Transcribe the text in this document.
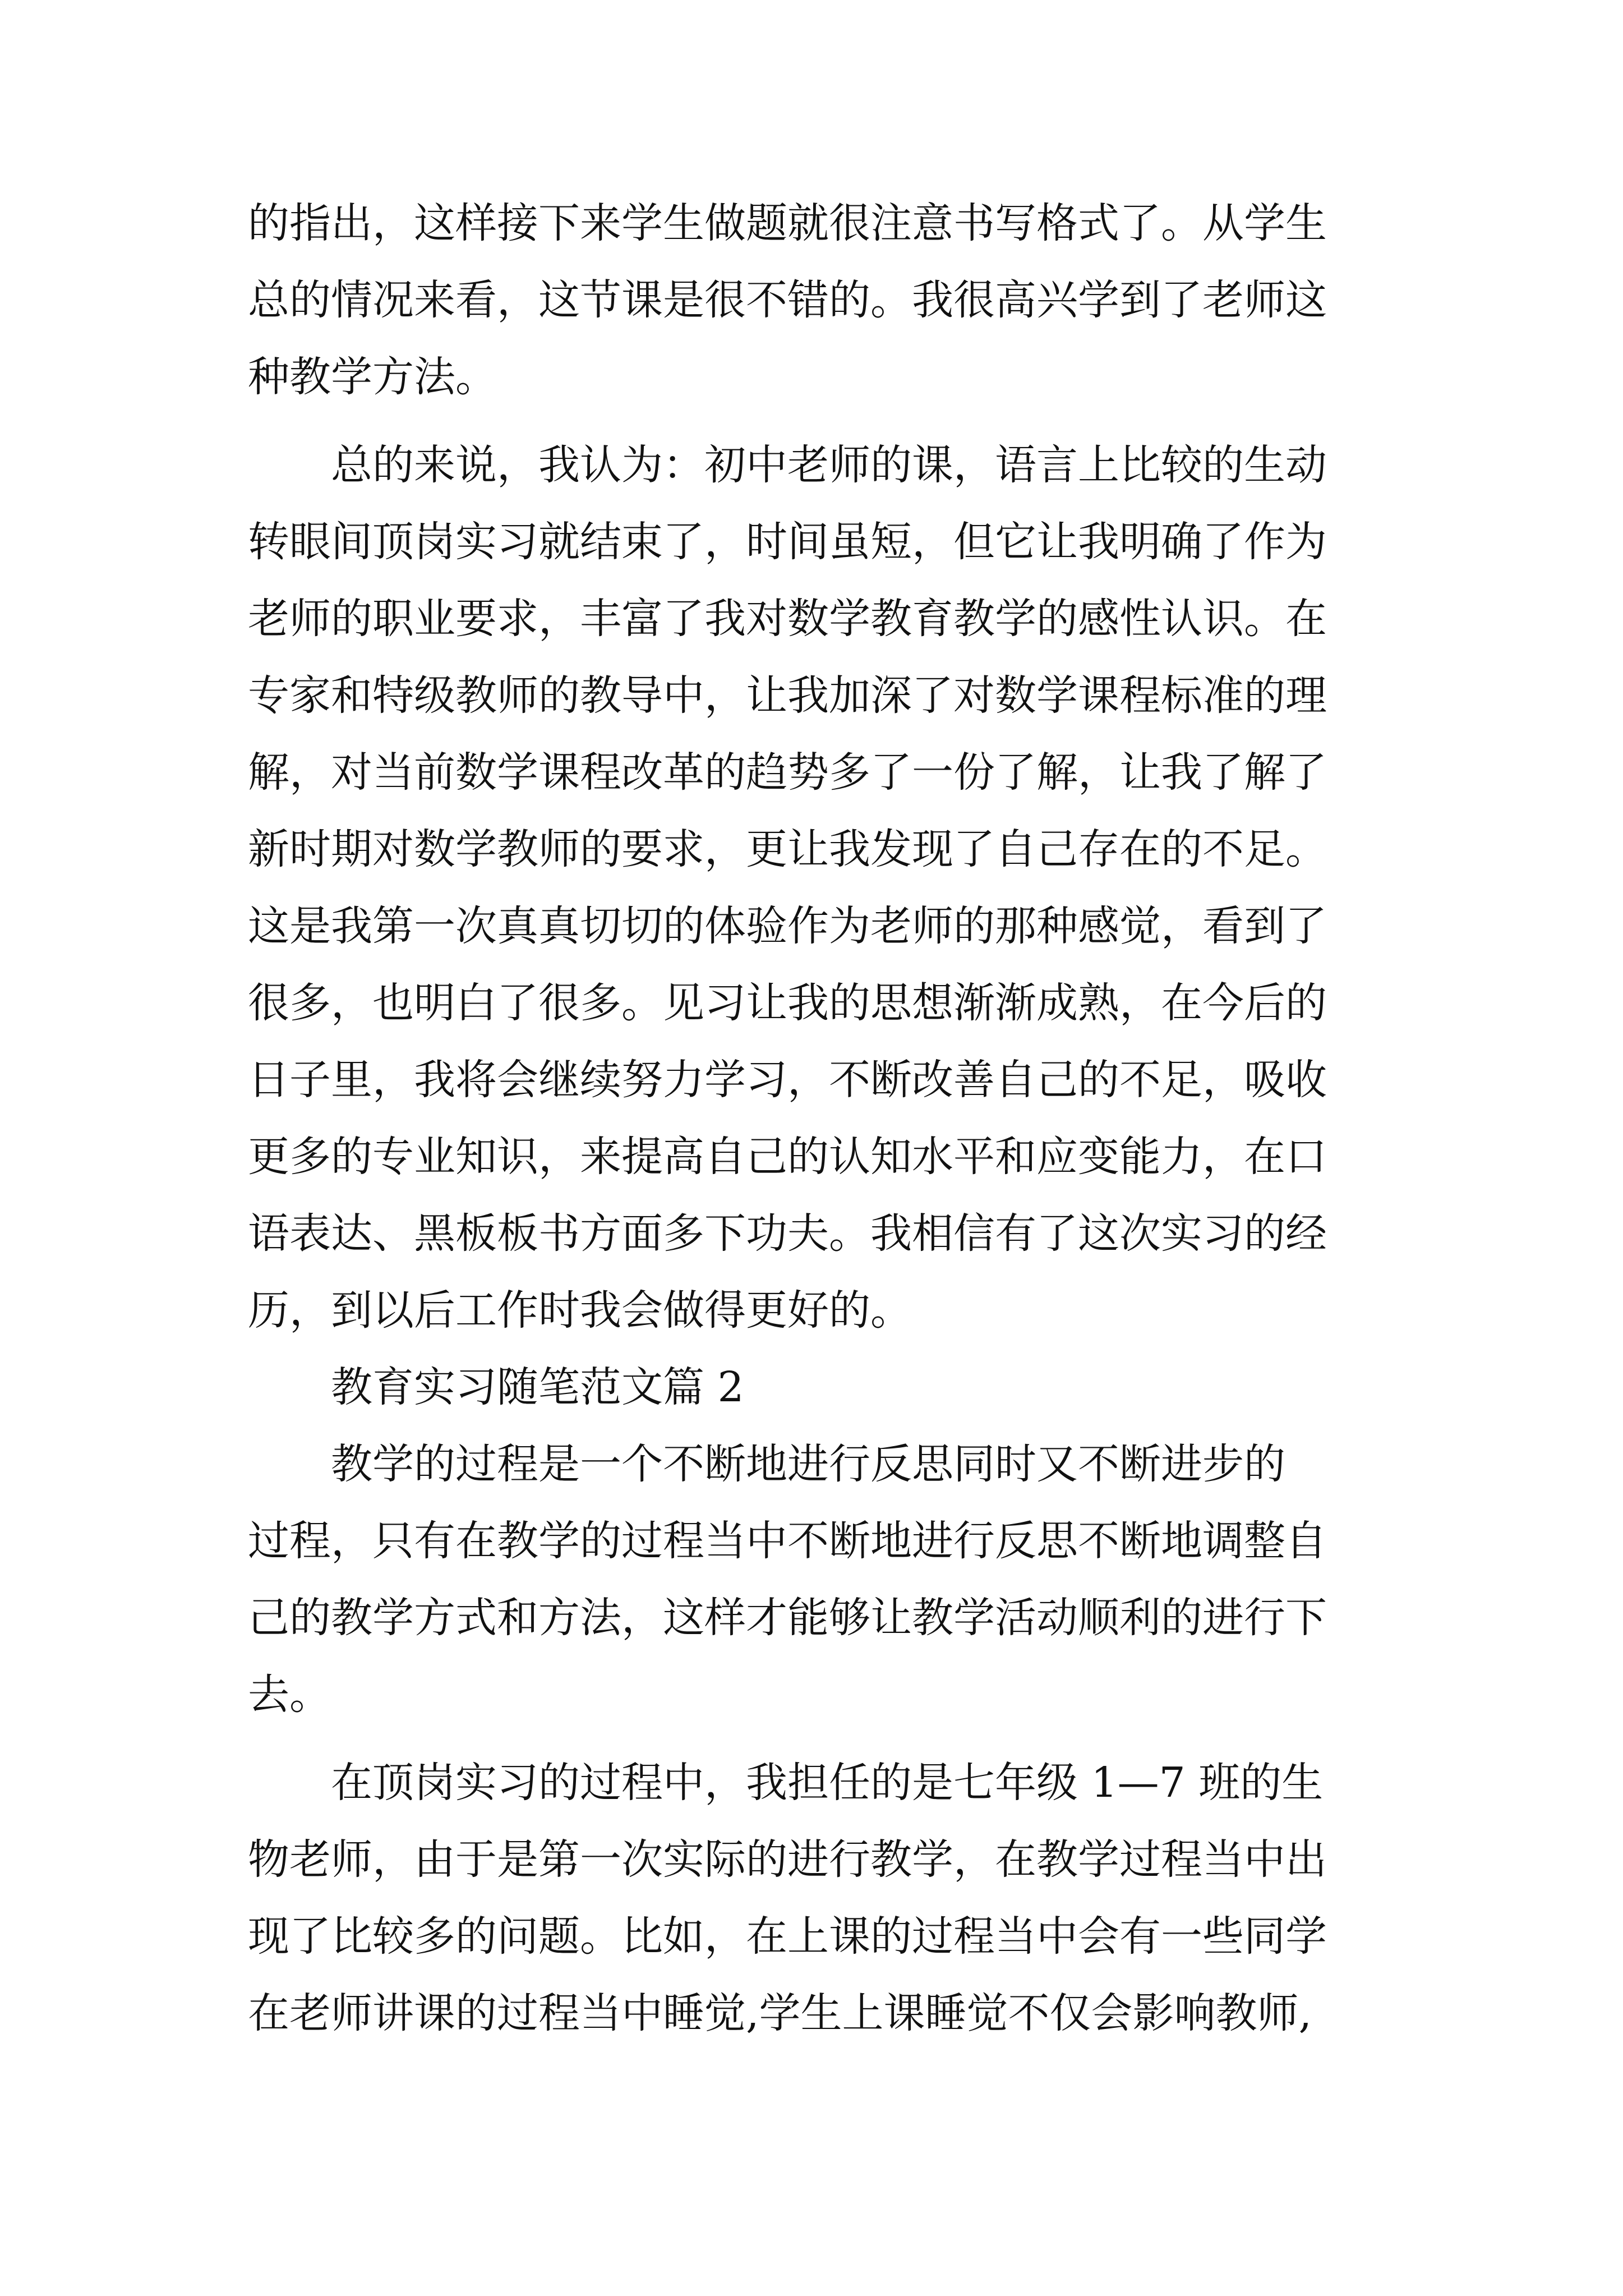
的指出，这样接下来学生做题就很注意书写格式了。从学生
总的情况来看，这节课是很不错的。我很高兴学到了老师这
种教学方法。
　　总的来说，我认为：初中老师的课，语言上比较的生动
转眼间顶岗实习就结束了，时间虽短，但它让我明确了作为
老师的职业要求，丰富了我对数学教育教学的感性认识。在
专家和特级教师的教导中，让我加深了对数学课程标准的理
解，对当前数学课程改革的趋势多了一份了解，让我了解了
新时期对数学教师的要求，更让我发现了自己存在的不足。
这是我第一次真真切切的体验作为老师的那种感觉，看到了
很多，也明白了很多。见习让我的思想渐渐成熟，在今后的
日子里，我将会继续努力学习，不断改善自己的不足，吸收
更多的专业知识，来提高自己的认知水平和应变能力，在口
语表达、黑板板书方面多下功夫。我相信有了这次实习的经
历，到以后工作时我会做得更好的。
　　教育实习随笔范文篇 2
　　教学的过程是一个不断地进行反思同时又不断进步的
过程，只有在教学的过程当中不断地进行反思不断地调整自
己的教学方式和方法，这样才能够让教学活动顺利的进行下
去。
　　在顶岗实习的过程中，我担任的是七年级 1—7 班的生
物老师，由于是第一次实际的进行教学，在教学过程当中出
现了比较多的问题。比如，在上课的过程当中会有一些同学
在老师讲课的过程当中睡觉,学生上课睡觉不仅会影响教师,
